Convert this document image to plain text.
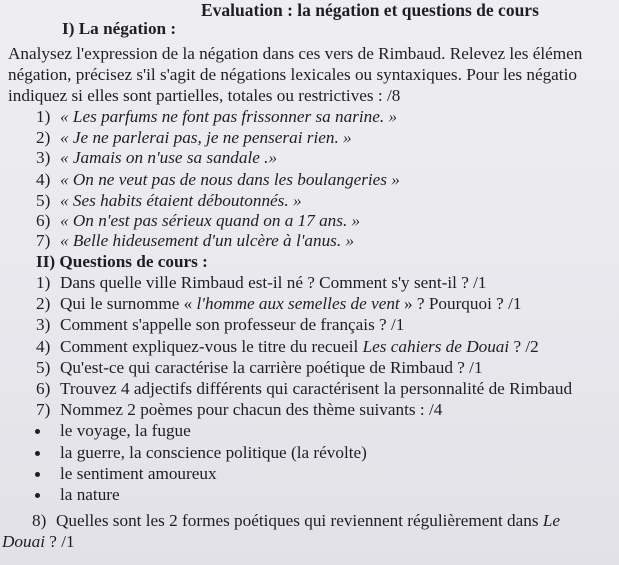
Evaluation : la négation et questions de cours
I) La négation :
Analysez l'expression de la négation dans ces vers de Rimbaud. Relevez les élémen
négation, précisez s'il s'agit de négations lexicales ou syntaxiques. Pour les négatio
indiquez si elles sont partielles, totales ou restrictives : /8
1) « Les parfums ne font pas frissonner sa narine. »
2) « Je ne parlerai pas, je ne penserai rien. »
3) « Jamais on n'use sa sandale .»
4) « On ne veut pas de nous dans les boulangeries »
5) « Ses habits étaient déboutonnés. »
6) « On n'est pas sérieux quand on a 17 ans. »
7) « Belle hideusement d'un ulcère à l'anus. »
II) Questions de cours :
1) Dans quelle ville Rimbaud est-il né ? Comment s'y sent-il ? /1
2) Qui le surnomme « l'homme aux semelles de vent » ? Pourquoi ? /1
3) Comment s'appelle son professeur de français ? /1
4) Comment expliquez-vous le titre du recueil Les cahiers de Douai ? /2
5) Qu'est-ce qui caractérise la carrière poétique de Rimbaud ? /1
6) Trouvez 4 adjectifs différents qui caractérisent la personnalité de Rimbaud
7) Nommez 2 poèmes pour chacun des thème suivants : /4
le voyage, la fugue
la guerre, la conscience politique (la révolte)
le sentiment amoureux
la nature
8) Quelles sont les 2 formes poétiques qui reviennent régulièrement dans Le
Douai ? /1
